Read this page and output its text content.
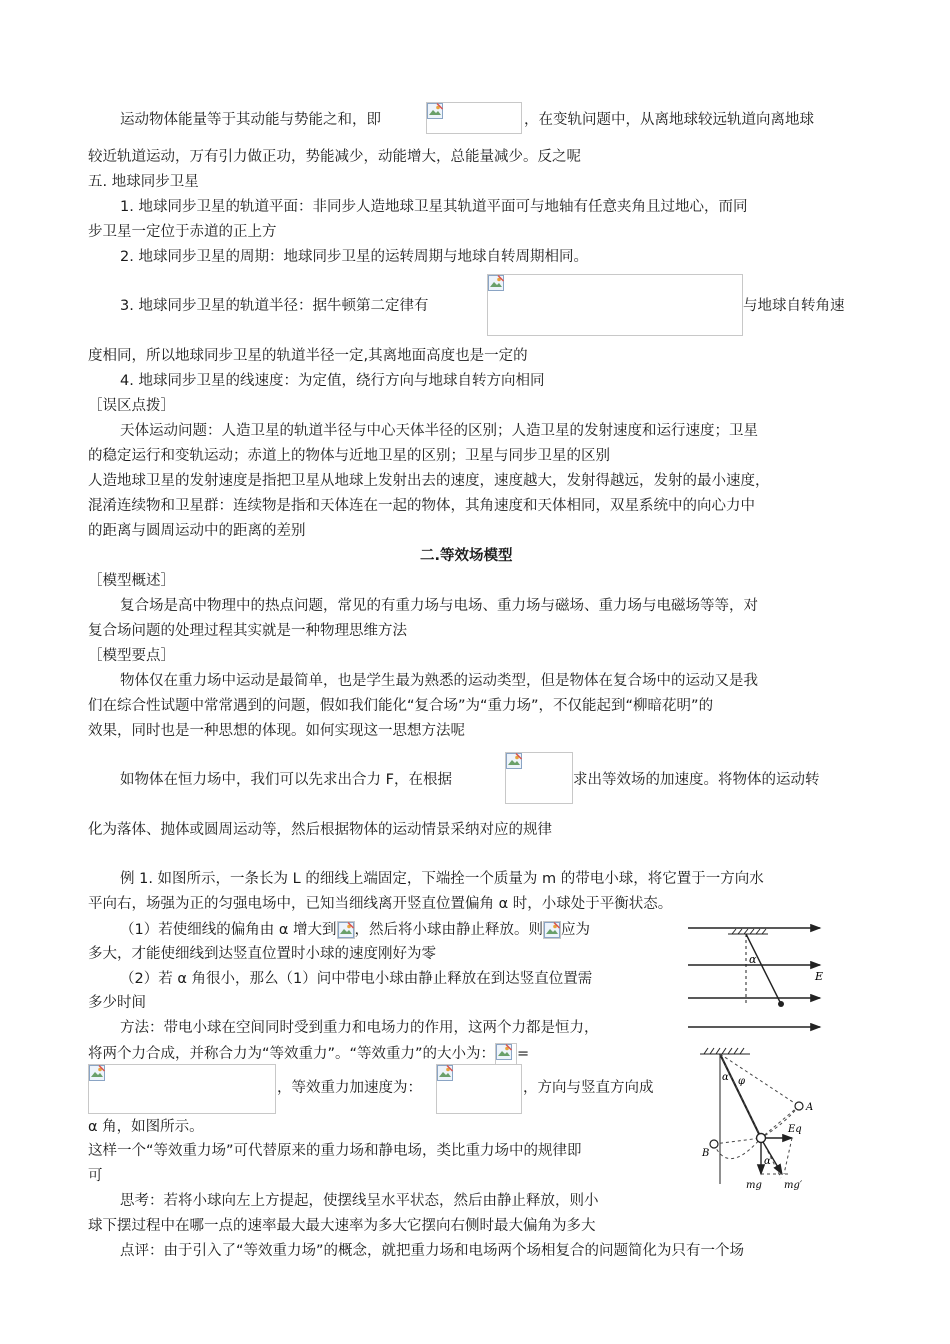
运动物体能量等于其动能与势能之和，即	，在变轨问题中，从离地球较远轨道向离地球
较近轨道运动，万有引力做正功，势能减少，动能增大，总能量减少。反之呢
五. 地球同步卫星
1. 地球同步卫星的轨道平面：非同步人造地球卫星其轨道平面可与地轴有任意夹角且过地心，而同
步卫星一定位于赤道的正上方
2. 地球同步卫星的周期：地球同步卫星的运转周期与地球自转周期相同。
3. 地球同步卫星的轨道半径：据牛顿第二定律有	与地球自转角速
度相同，所以地球同步卫星的轨道半径一定,其离地面高度也是一定的
4. 地球同步卫星的线速度：为定值，绕行方向与地球自转方向相同
［误区点拨］
天体运动问题：人造卫星的轨道半径与中心天体半径的区别；人造卫星的发射速度和运行速度；卫星
的稳定运行和变轨运动；赤道上的物体与近地卫星的区别；卫星与同步卫星的区别
人造地球卫星的发射速度是指把卫星从地球上发射出去的速度，速度越大，发射得越远，发射的最小速度，
混淆连续物和卫星群：连续物是指和天体连在一起的物体，其角速度和天体相同，双星系统中的向心力中
的距离与圆周运动中的距离的差别
二.等效场模型
［模型概述］
复合场是高中物理中的热点问题，常见的有重力场与电场、重力场与磁场、重力场与电磁场等等，对
复合场问题的处理过程其实就是一种物理思维方法
［模型要点］
物体仅在重力场中运动是最简单，也是学生最为熟悉的运动类型，但是物体在复合场中的运动又是我
们在综合性试题中常常遇到的问题，假如我们能化“复合场”为“重力场”，不仅能起到“柳暗花明”的
效果，同时也是一种思想的体现。如何实现这一思想方法呢
如物体在恒力场中，我们可以先求出合力 F，在根据	求出等效场的加速度。将物体的运动转
化为落体、抛体或圆周运动等，然后根据物体的运动情景采纳对应的规律
例 1. 如图所示，一条长为 L 的细线上端固定，下端拴一个质量为 m 的带电小球，将它置于一方向水
平向右，场强为正的匀强电场中，已知当细线离开竖直位置偏角 α 时，小球处于平衡状态。
（1）若使细线的偏角由 α 增大到 ，然后将小球由静止释放。则 应为
多大，才能使细线到达竖直位置时小球的速度刚好为零
（2）若 α 角很小，那么（1）问中带电小球由静止释放在到达竖直位置需
多少时间
方法：带电小球在空间同时受到重力和电场力的作用，这两个力都是恒力，
将两个力合成，并称合力为“等效重力”。“等效重力”的大小为： =
，等效重力加速度为：	，方向与竖直方向成
α 角，如图所示。
这样一个“等效重力场”可代替原来的重力场和静电场，类比重力场中的规律即
可
思考：若将小球向左上方提起，使摆线呈水平状态，然后由静止释放，则小
球下摆过程中在哪一点的速率最大最大速率为多大它摆向右侧时最大偏角为多大
点评：由于引入了“等效重力场”的概念，就把重力场和电场两个场相复合的问题简化为只有一个场
α
E
φ
α
α
A
B
Eq
mg mg′
